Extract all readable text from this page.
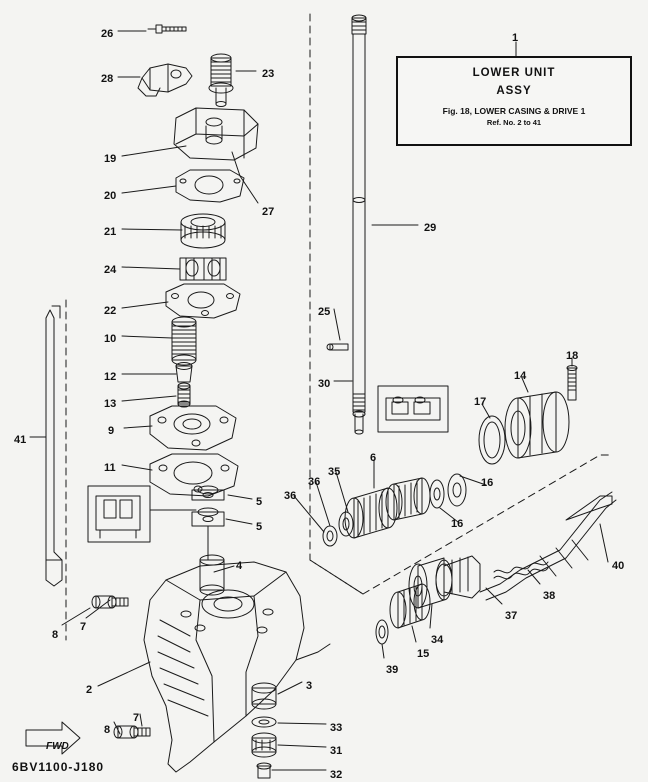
LOWER UNIT
ASSY
Fig. 18, LOWER CASING & DRIVE 1
Ref. No. 2 to 41
FWD
6BV1100-J180
1
26
28	23
19
20
21
24
22
27
29
25
30
10
12
13
9
11
41
18
14
17
6
35
36
36
16
16
5
5
4	40
38
37
34
15
39
8
7
2	3
8
7
33
31
32
